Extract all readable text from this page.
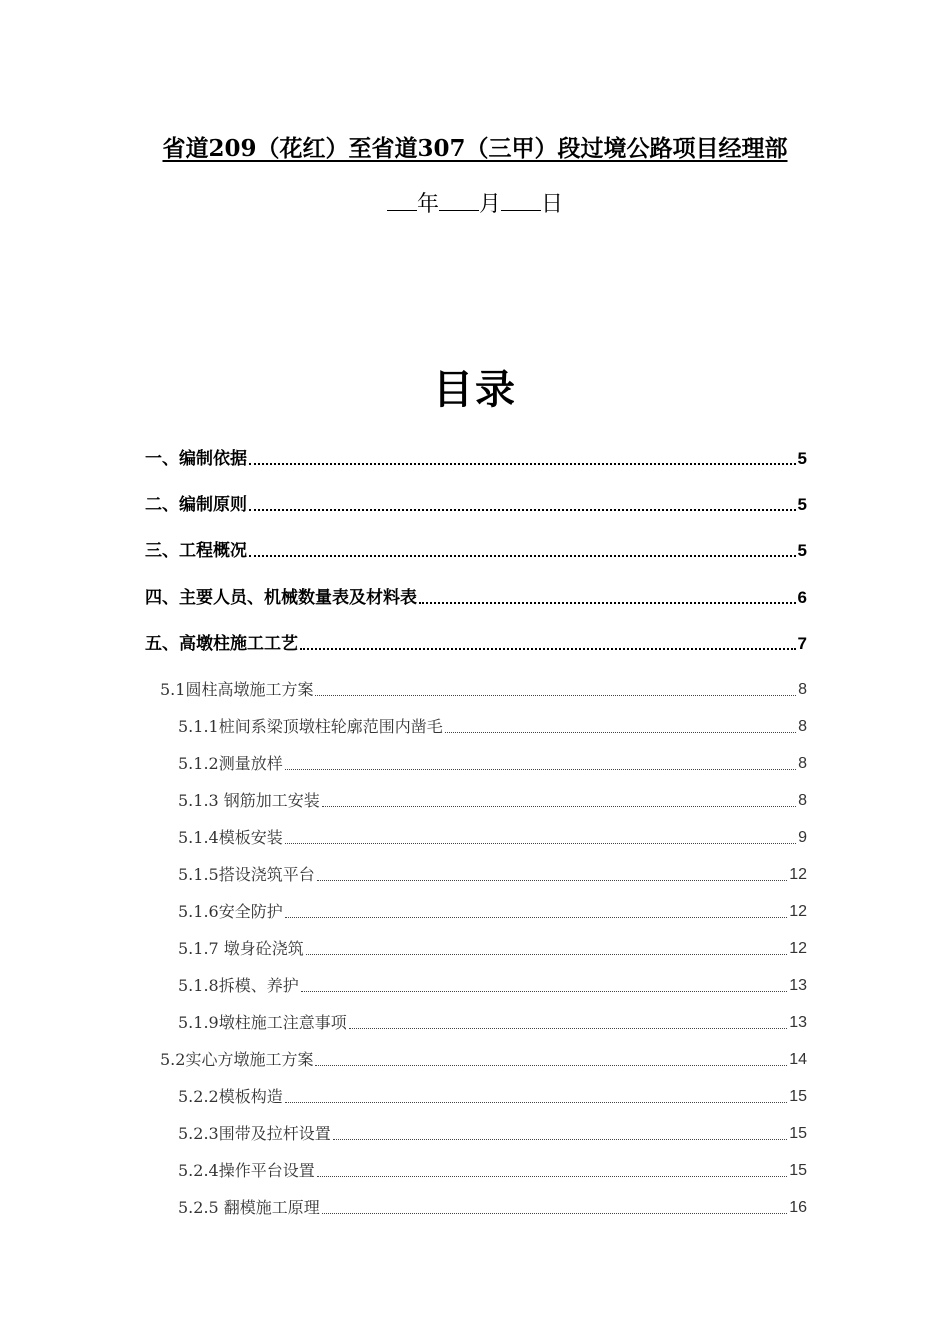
省道209（花红）至省道307（三甲）段过境公路项目经理部
年 月 日
目录
一、编制依据	5
二、编制原则	5
三、工程概况	5
四、主要人员、机械数量表及材料表	6
五、高墩柱施工工艺	7
5.1圆柱高墩施工方案	8
5.1.1桩间系梁顶墩柱轮廓范围内凿毛	8
5.1.2测量放样	8
5.1.3 钢筋加工安装	8
5.1.4模板安装	9
5.1.5搭设浇筑平台	12
5.1.6安全防护	12
5.1.7 墩身砼浇筑	12
5.1.8拆模、养护	13
5.1.9墩柱施工注意事项	13
5.2实心方墩施工方案	14
5.2.2模板构造	15
5.2.3围带及拉杆设置	15
5.2.4操作平台设置	15
5.2.5 翻模施工原理	16
